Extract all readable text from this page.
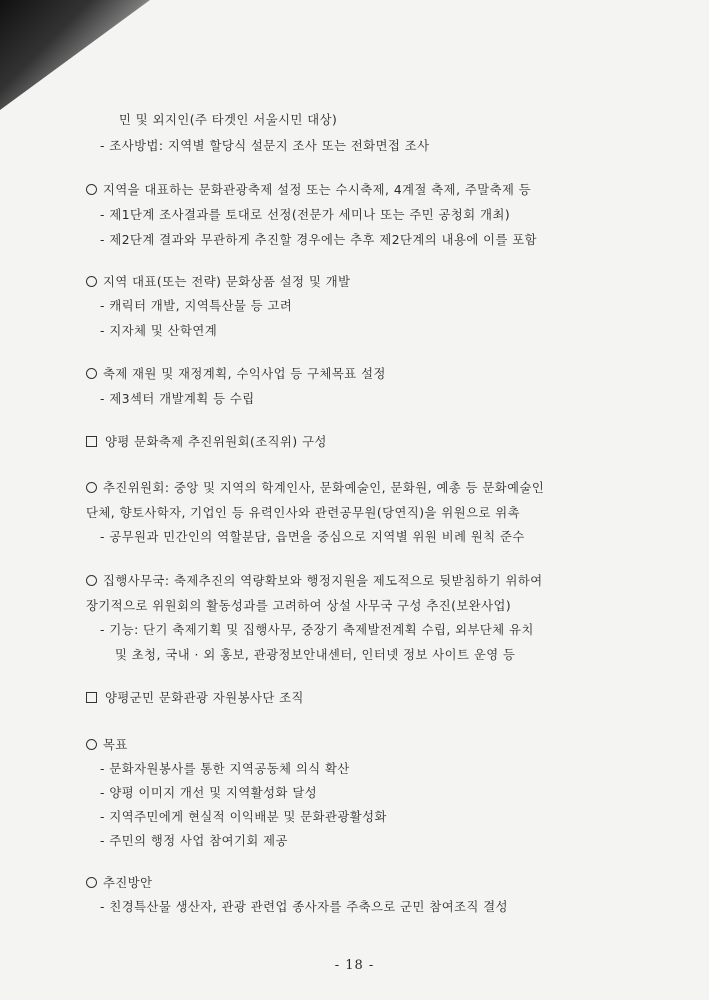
민 및 외지인(주 타겟인 서울시민 대상)
- 조사방법: 지역별 할당식 설문지 조사 또는 전화면접 조사
지역을 대표하는 문화관광축제 설정 또는 수시축제, 4계절 축제, 주말축제 등
- 제1단계 조사결과를 토대로 선정(전문가 세미나 또는 주민 공청회 개최)
- 제2단계 결과와 무관하게 추진할 경우에는 추후 제2단계의 내용에 이를 포함
지역 대표(또는 전략) 문화상품 설정 및 개발
- 캐릭터 개발, 지역특산물 등 고려
- 지자체 및 산학연계
축제 재원 및 재정계획, 수익사업 등 구체목표 설정
- 제3섹터 개발계획 등 수립
양평 문화축제 추진위원회(조직위) 구성
추진위원회: 중앙 및 지역의 학계인사, 문화예술인, 문화원, 예총 등 문화예술인
단체, 향토사학자, 기업인 등 유력인사와 관련공무원(당연직)을 위원으로 위촉
- 공무원과 민간인의 역할분담, 읍면을 중심으로 지역별 위원 비례 원칙 준수
집행사무국: 축제추진의 역량확보와 행정지원을 제도적으로 뒷받침하기 위하여
장기적으로 위원회의 활동성과를 고려하여 상설 사무국 구성 추진(보완사업)
- 기능: 단기 축제기획 및 집행사무, 중장기 축제발전계획 수립, 외부단체 유치
및 초청, 국내 · 외 홍보, 관광정보안내센터, 인터넷 정보 사이트 운영 등
양평군민 문화관광 자원봉사단 조직
목표
- 문화자원봉사를 통한 지역공동체 의식 확산
- 양평 이미지 개선 및 지역활성화 달성
- 지역주민에게 현실적 이익배분 및 문화관광활성화
- 주민의 행정 사업 참여기회 제공
추진방안
- 친경특산물 생산자, 관광 관련업 종사자를 주축으로 군민 참여조직 결성
- 18 -
